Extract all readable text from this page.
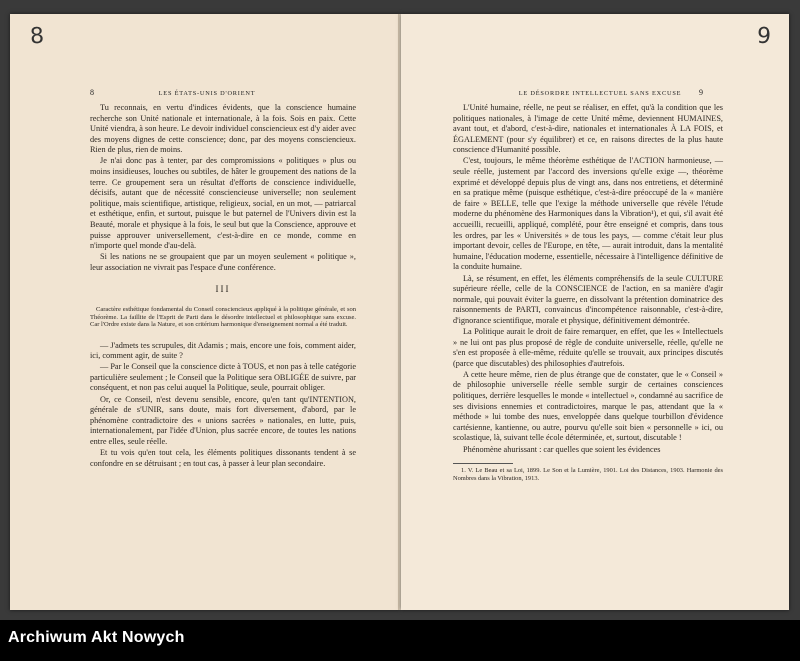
8
8	LES ÉTATS-UNIS D'ORIENT

Tu reconnais, en vertu d'indices évidents, que la conscience humaine recherche son Unité nationale et internationale, à la fois. Sois en paix. Cette Unité viendra, à son heure. Le devoir individuel consciencieux est d'y aider avec des moyens dignes de cette conscience; donc, par des moyens consciencieux. Rien de plus, rien de moins.

Je n'ai donc pas à tenter, par des compromissions « politiques » plus ou moins insidieuses, louches ou subtiles, de hâter le groupement des nations de la terre. Ce groupement sera un résultat d'efforts de conscience individuelle, décisifs, autant que de nécessité consciencieuse universelle; non seulement politique, mais scientifique, artistique, religieux, social, en un mot, — patriarcal et esthétique, enfin, et surtout, puisque le but paternel de l'Univers divin est la Beauté, morale et physique à la fois, le seul but que la Conscience, approuve et puisse approuver universellement, c'est-à-dire en ce monde, comme en n'importe quel monde d'au-delà.

Si les nations ne se groupaient que par un moyen seulement « politique », leur association ne vivrait pas l'espace d'une conférence.

III
Caractère esthétique fondamental du Conseil consciencieux appliqué à la politique générale, et son Théorème. La faillite de l'Esprit de Parti dans le désordre intellectuel et philosophique sans excuse. Car l'Ordre existe dans la Nature, et son critérium harmonique d'enseignement normal a été traduit.

— J'admets tes scrupules, dit Adamis ; mais, encore une fois, comment aider, ici, comment agir, de suite ?

— Par le Conseil que la conscience dicte à TOUS, et non pas à telle catégorie particulière seulement ; le Conseil que la Politique sera OBLIGÉE de suivre, par conséquent, et non pas celui auquel la Politique, seule, pourrait obliger.

Or, ce Conseil, n'est devenu sensible, encore, qu'en tant qu'INTENTION, générale de s'UNIR, sans doute, mais fort diversement, d'abord, par le phénomène contradictoire des « unions sacrées » nationales, en lutte, puis, internationalement, par l'idée d'Union, plus sacrée encore, de toutes les nations entre elles, seule réelle.

Et tu vois qu'en tout cela, les éléments politiques dissonants tendent à se confondre en se détruisant ; en tout cas, à passer à leur plan secondaire.

9
LE DÉSORDRE INTELLECTUEL SANS EXCUSE 9

L'Unité humaine, réelle, ne peut se réaliser, en effet, qu'à la condition que les politiques nationales, à l'image de cette Unité même, deviennent HUMAINES, avant tout, et d'abord, c'est-à-dire, nationales et internationales À LA FOIS, et ÉGALEMENT (pour s'y équilibrer) et ce, en raisons directes de la plus haute conscience d'Humanité possible.

C'est, toujours, le même théorème esthétique de l'ACTION harmonieuse, — seule réelle, justement par l'accord des inversions qu'elle exige —, théorème exprimé et développé depuis plus de vingt ans, dans nos entretiens, et déterminé en sa pratique même (puisque esthétique, c'est-à-dire préoccupé de la « manière de faire » BELLE, telle que l'exige la méthode universelle que révèle l'étude moderne du phénomène des Harmoniques dans la Vibration¹), et qui, s'il avait été accueilli, recueilli, appliqué, complété, pour être enseigné et compris, dans tous les ordres, par les « Universités » de tous les pays, — comme c'était leur plus important devoir, celles de l'Europe, en tête, — aurait introduit, dans la mentalité humaine, l'éducation moderne, essentielle, nécessaire à l'intelligence définitive de la conduite humaine.

Là, se résument, en effet, les éléments compréhensifs de la seule CULTURE supérieure réelle, celle de la CONSCIENCE de l'action, en sa manière d'agir normale, qui pouvait éviter la guerre, en dissolvant la prétention dominatrice des raisonnements de PARTI, convaincus d'incompétence raisonnable, c'est-à-dire, d'ignorance scientifique, morale et physique, définitivement démontrée.

La Politique aurait le droit de faire remarquer, en effet, que les « Intellectuels » ne lui ont pas plus proposé de règle de conduite universelle, réelle, qu'elle ne s'en est proposée à elle-même, réduite qu'elle se trouvait, aux principes discutés (parce que discutables) des philosophies d'autrefois.

A cette heure même, rien de plus étrange que de constater, que le « Conseil » de philosophie universelle réelle semble surgir de certaines consciences politiques, derrière lesquelles le monde « intellectuel », condamné au sacrifice de ses divisions ennemies et contradictoires, marque le pas, attendant que la « méthode » lui tombe des nues, enveloppée dans quelque tourbillon d'évidence cartésienne, kantienne, ou autre, pourvu qu'elle soit bien « personnelle » ici, ou scolastique, là, suivant telle école déterminée, et, surtout, discutable !

Phénomène ahurissant : car quelles que soient les évidences

1. V. Le Beau et sa Loi, 1899. Le Son et la Lumière, 1901. Loi des Distances, 1903. Harmonie des Nombres dans la Vibration, 1913.
Archiwum Akt Nowych
